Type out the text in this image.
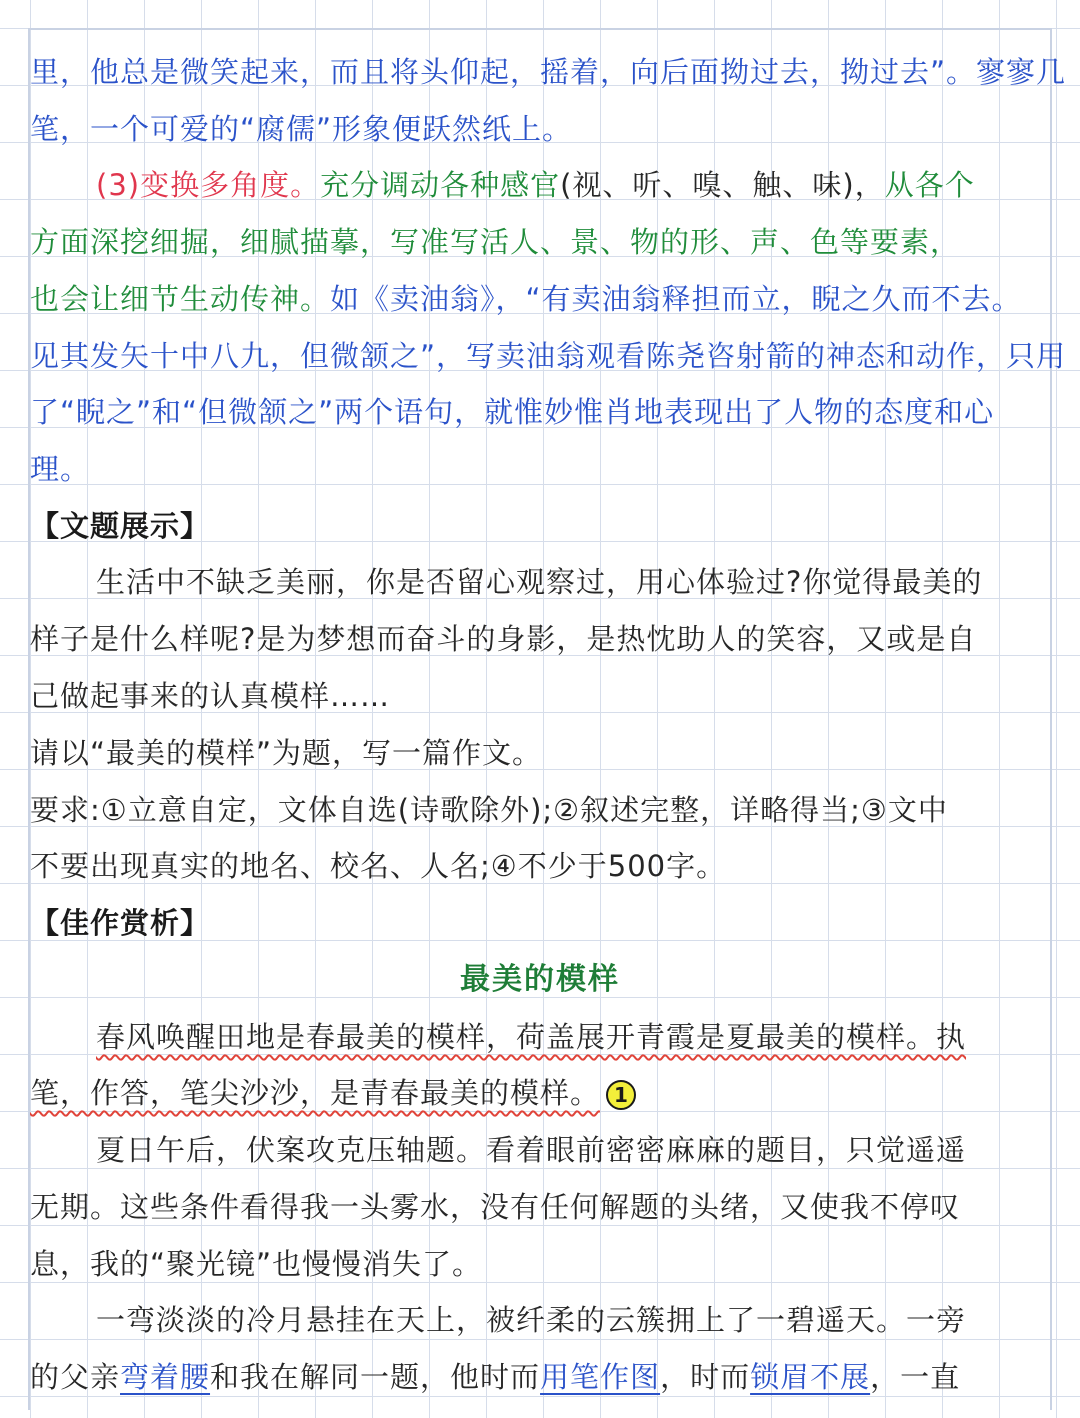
里，他总是微笑起来，而且将头仰起，摇着，向后面拗过去，拗过去”。寥寥几
笔，一个可爱的“腐儒”形象便跃然纸上。
(3)变换多角度。充分调动各种感官(视、听、嗅、触、味)，从各个
方面深挖细掘，细腻描摹，写准写活人、景、物的形、声、色等要素，
也会让细节生动传神。如《卖油翁》，“有卖油翁释担而立，睨之久而不去。
见其发矢十中八九，但微颔之”，写卖油翁观看陈尧咨射箭的神态和动作，只用
了“睨之”和“但微颔之”两个语句，就惟妙惟肖地表现出了人物的态度和心
理。
【文题展示】
生活中不缺乏美丽，你是否留心观察过，用心体验过?你觉得最美的
样子是什么样呢?是为梦想而奋斗的身影，是热忱助人的笑容，又或是自
己做起事来的认真模样……
请以“最美的模样”为题，写一篇作文。
要求:①立意自定，文体自选(诗歌除外);②叙述完整，详略得当;③文中
不要出现真实的地名、校名、人名;④不少于500字。
【佳作赏析】
最美的模样
春风唤醒田地是春最美的模样，荷盖展开青霞是夏最美的模样。执
笔，作答，笔尖沙沙，是青春最美的模样。 1
夏日午后，伏案攻克压轴题。看着眼前密密麻麻的题目，只觉遥遥
无期。这些条件看得我一头雾水，没有任何解题的头绪，又使我不停叹
息，我的“聚光镜”也慢慢消失了。
一弯淡淡的冷月悬挂在天上，被纤柔的云簇拥上了一碧遥天。一旁
的父亲弯着腰和我在解同一题，他时而用笔作图，时而锁眉不展，一直
